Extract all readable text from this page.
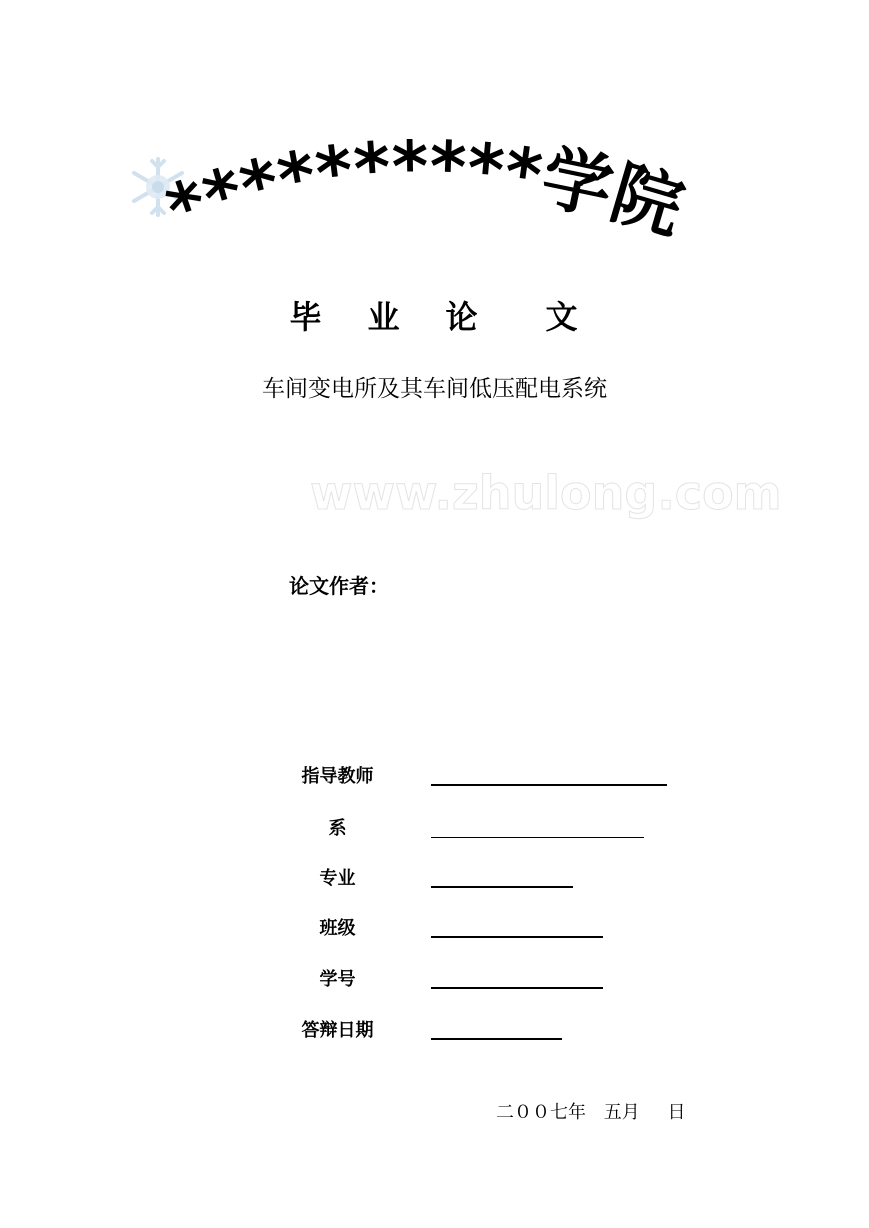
**********学院
毕 业 论 文
车间变电所及其车间低压配电系统
www.zhulong.com
论文作者：
指导教师
系
专业
班级
学号
答辩日期
二００七年 五月 日
